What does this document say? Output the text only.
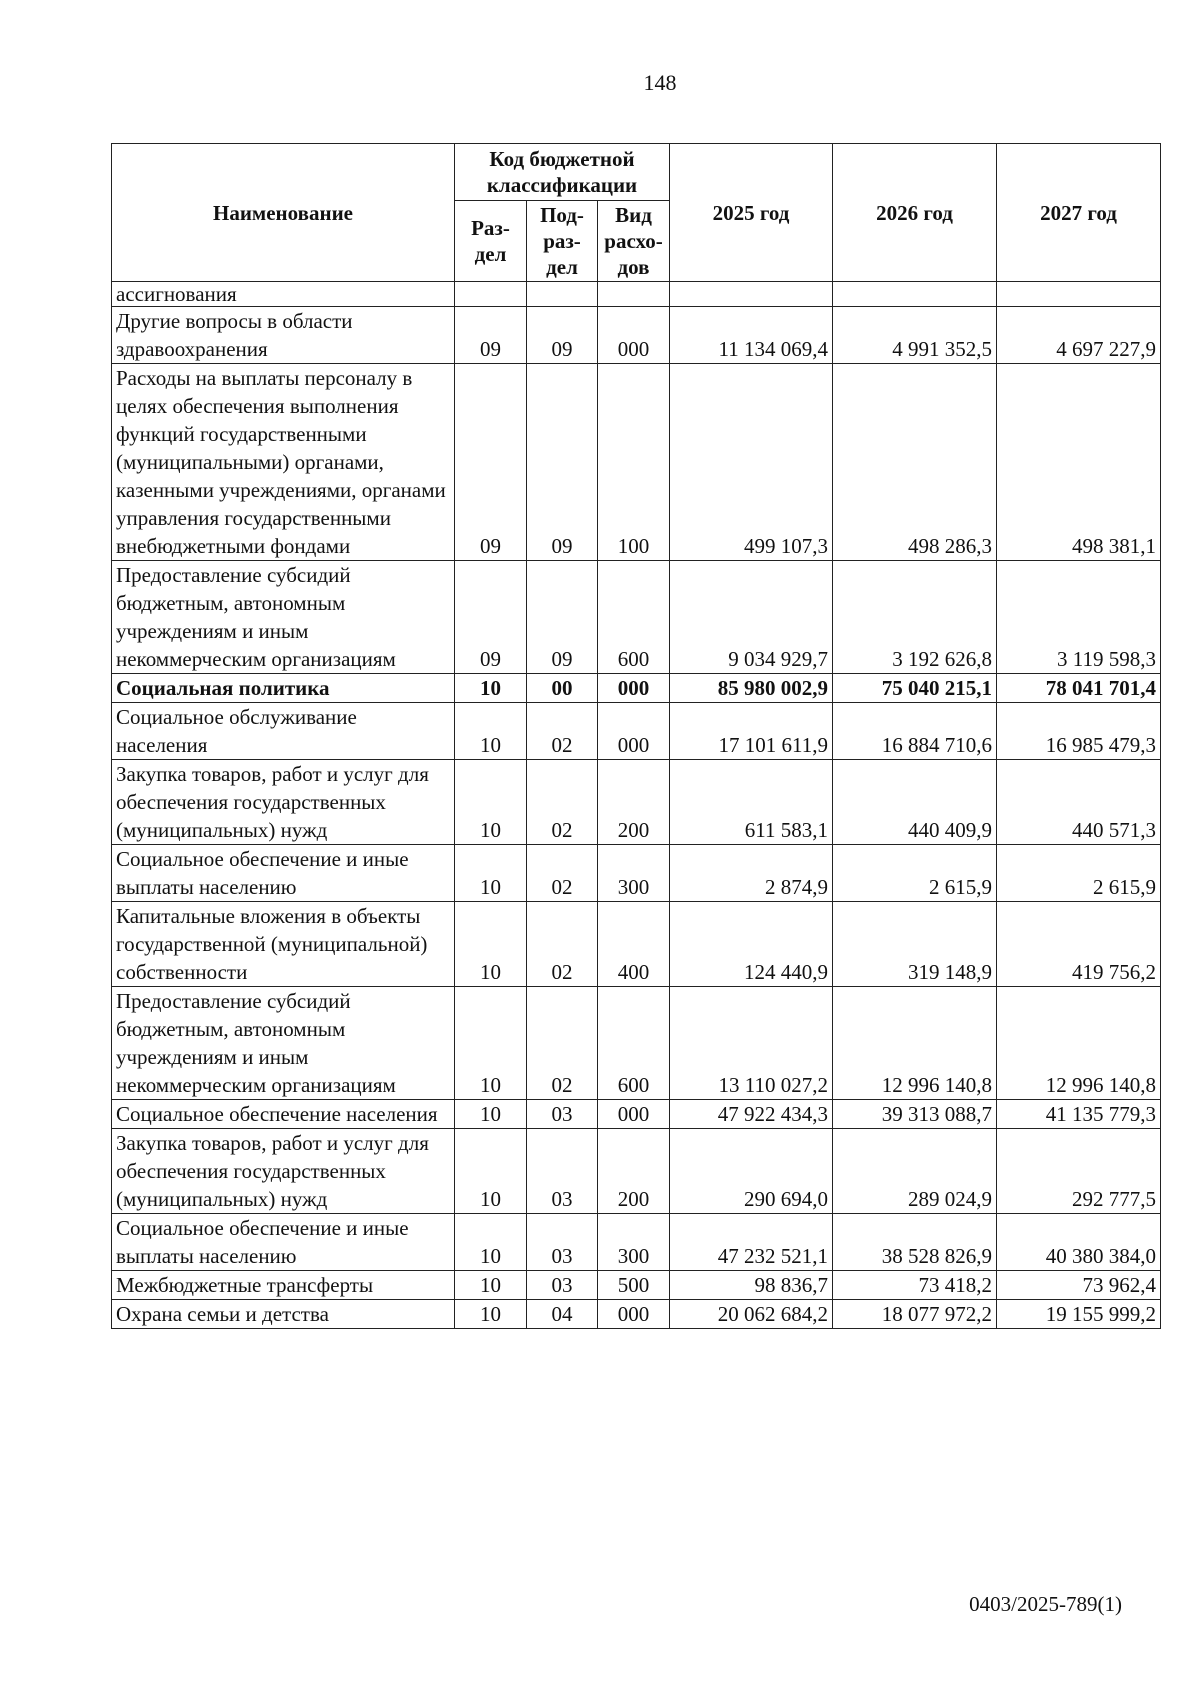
148
Наименование	Код бюджетной классификации			2025 год	2026 год	2027 год
	Раз-дел	Под-раз-дел	Вид расхо-дов			
ассигнования						
Другие вопросы в области здравоохранения	09	09	000	11 134 069,4	4 991 352,5	4 697 227,9
Расходы на выплаты персоналу в целях обеспечения выполнения функций государственными (муниципальными) органами, казенными учреждениями, органами управления государственными внебюджетными фондами	09	09	100	499 107,3	498 286,3	498 381,1
Предоставление субсидий бюджетным, автономным учреждениям и иным некоммерческим организациям	09	09	600	9 034 929,7	3 192 626,8	3 119 598,3
Социальная политика	10	00	000	85 980 002,9	75 040 215,1	78 041 701,4
Социальное обслуживание населения	10	02	000	17 101 611,9	16 884 710,6	16 985 479,3
Закупка товаров, работ и услуг для обеспечения государственных (муниципальных) нужд	10	02	200	611 583,1	440 409,9	440 571,3
Социальное обеспечение и иные выплаты населению	10	02	300	2 874,9	2 615,9	2 615,9
Капитальные вложения в объекты государственной (муниципальной) собственности	10	02	400	124 440,9	319 148,9	419 756,2
Предоставление субсидий бюджетным, автономным учреждениям и иным некоммерческим организациям	10	02	600	13 110 027,2	12 996 140,8	12 996 140,8
Социальное обеспечение населения	10	03	000	47 922 434,3	39 313 088,7	41 135 779,3
Закупка товаров, работ и услуг для обеспечения государственных (муниципальных) нужд	10	03	200	290 694,0	289 024,9	292 777,5
Социальное обеспечение и иные выплаты населению	10	03	300	47 232 521,1	38 528 826,9	40 380 384,0
Межбюджетные трансферты	10	03	500	98 836,7	73 418,2	73 962,4
Охрана семьи и детства	10	04	000	20 062 684,2	18 077 972,2	19 155 999,2
0403/2025-789(1)
